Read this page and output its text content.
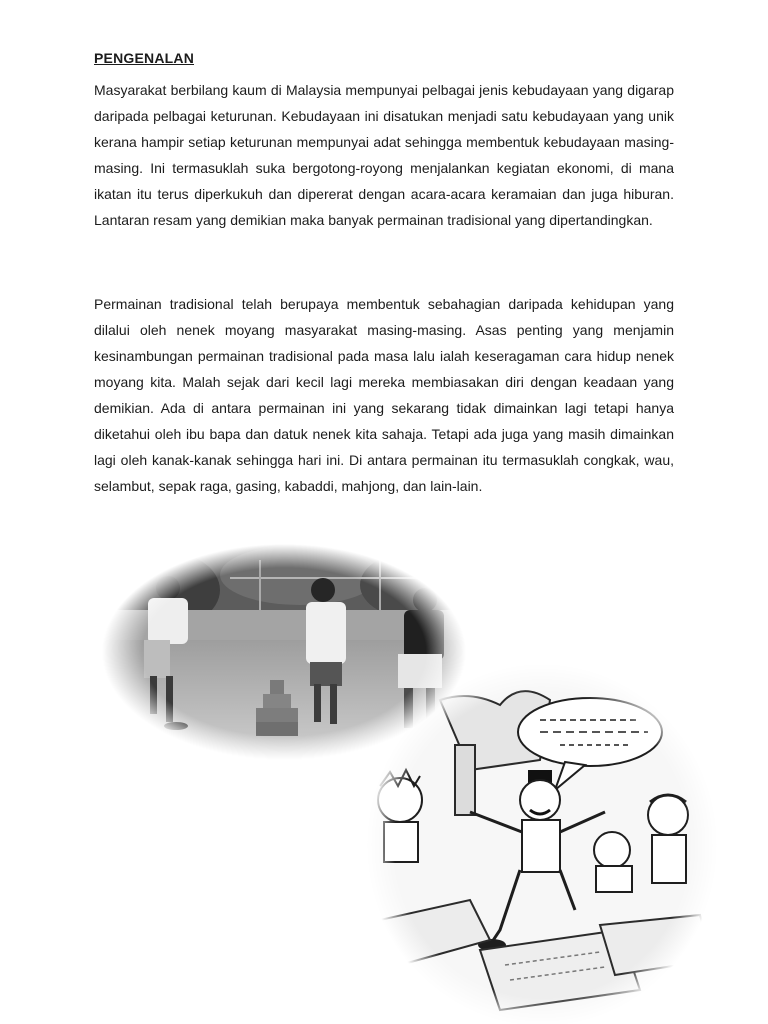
PENGENALAN

Masyarakat berbilang kaum di Malaysia mempunyai pelbagai jenis kebudayaan yang digarap daripada pelbagai keturunan. Kebudayaan ini disatukan menjadi satu kebudayaan yang unik kerana hampir setiap keturunan mempunyai adat sehingga membentuk kebudayaan masing-masing. Ini termasuklah suka bergotong-royong menjalankan kegiatan ekonomi, di mana ikatan itu terus diperkukuh dan dipererat dengan acara-acara keramaian dan juga hiburan. Lantaran resam yang demikian maka banyak permainan tradisional yang dipertandingkan.

Permainan tradisional telah berupaya membentuk sebahagian daripada kehidupan yang dilalui oleh nenek moyang masyarakat masing-masing. Asas penting yang menjamin kesinambungan permainan tradisional pada masa lalu ialah keseragaman cara hidup nenek moyang kita. Malah sejak dari kecil lagi mereka membiasakan diri dengan keadaan yang demikian. Ada di antara permainan ini yang sekarang tidak dimainkan lagi tetapi hanya diketahui oleh ibu bapa dan datuk nenek kita sahaja. Tetapi ada juga yang masih dimainkan lagi oleh kanak-kanak sehingga hari ini. Di antara permainan itu termasuklah congkak, wau, selambut, sepak raga, gasing, kabaddi, mahjong, dan lain-lain.
